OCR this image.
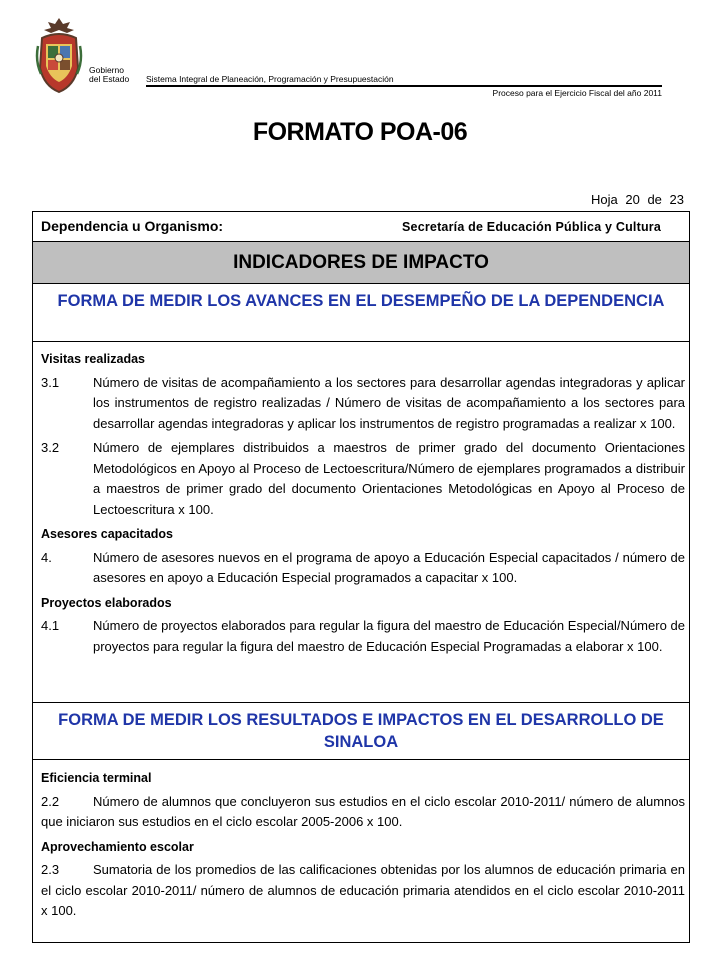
Gobierno
del Estado Sistema Integral de Planeación, Programación y Presupuestación
Proceso para el Ejercicio Fiscal del año 2011
FORMATO POA-06
Hoja 20 de 23
Dependencia u Organismo:	Secretaría de Educación Pública y Cultura
INDICADORES DE IMPACTO
FORMA DE MEDIR LOS AVANCES EN EL DESEMPEÑO DE LA DEPENDENCIA
Visitas realizadas
3.1	Número de visitas de acompañamiento a los sectores para desarrollar agendas integradoras y aplicar los instrumentos de registro realizadas / Número de visitas de acompañamiento a los sectores para desarrollar agendas integradoras y aplicar los instrumentos de registro programadas a realizar x 100.
3.2	Número de ejemplares distribuidos a maestros de primer grado del documento Orientaciones Metodológicos en Apoyo al Proceso de Lectoescritura/Número de ejemplares programados a distribuir a maestros de primer grado del documento Orientaciones Metodológicas en Apoyo al Proceso de Lectoescritura x 100.
Asesores capacitados
4.	Número de asesores nuevos en el programa de apoyo a Educación Especial capacitados / número de asesores en apoyo a Educación Especial programados a capacitar x 100.
Proyectos elaborados
4.1	Número de proyectos elaborados para regular la figura del maestro de Educación Especial/Número de proyectos para regular la figura del maestro de Educación Especial Programadas a elaborar x 100.
FORMA DE MEDIR LOS RESULTADOS E IMPACTOS EN EL DESARROLLO DE SINALOA
Eficiencia terminal
2.2	Número de alumnos que concluyeron sus estudios en el ciclo escolar 2010-2011/ número de alumnos que iniciaron sus estudios en el ciclo escolar 2005-2006 x 100.
Aprovechamiento escolar
2.3	Sumatoria de los promedios de las calificaciones obtenidas por los alumnos de educación primaria en el ciclo escolar 2010-2011/ número de alumnos de educación primaria atendidos en el ciclo escolar 2010-2011 x 100.
